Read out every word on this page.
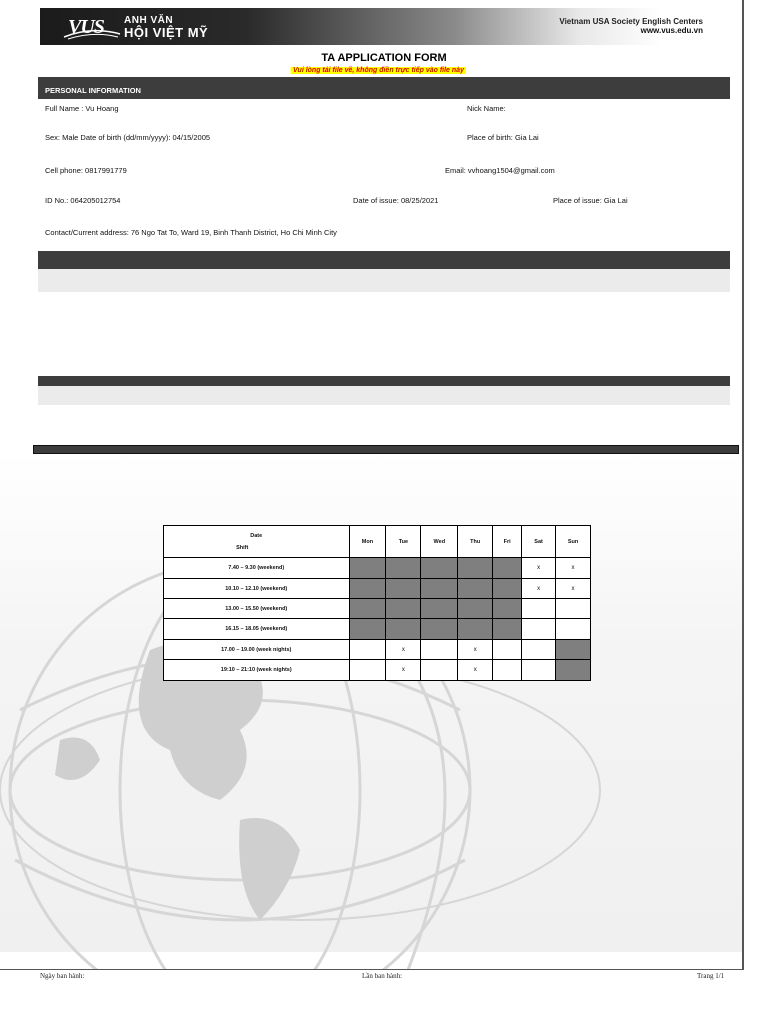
VUS ANH VĂN
HỘI VIỆT MỸ
Vietnam USA Society English Centers
www.vus.edu.vn
TA APPLICATION FORM
Vui lòng tải file về, không điền trực tiếp vào file này
PERSONAL INFORMATION
Full Name : Vu Hoang	Nick Name:
Sex: Male Date of birth (dd/mm/yyyy): 04/15/2005	Place of birth: Gia Lai
Cell phone: 0817991779	Email: vvhoang1504@gmail.com
ID No.: 064205012754	Date of issue: 08/25/2021	Place of issue: Gia Lai
Contact/Current address: 76 Ngo Tat To, Ward 19, Binh Thanh District, Ho Chi Minh City
Date
Shift	Mon	Tue	Wed	Thu	Fri	Sat	Sun
7.40 – 9.30 (weekend)						x	x
10.10 – 12.10 (weekend)						x	x
13.00 – 15.50 (weekend)							
16.15 – 18.05 (weekend)							
17.00 – 19.00 (week nights)		x		x			
19:10 – 21:10 (week nights)		x		x			
Ngày ban hành:	Lần ban hành:	Trang 1/1
